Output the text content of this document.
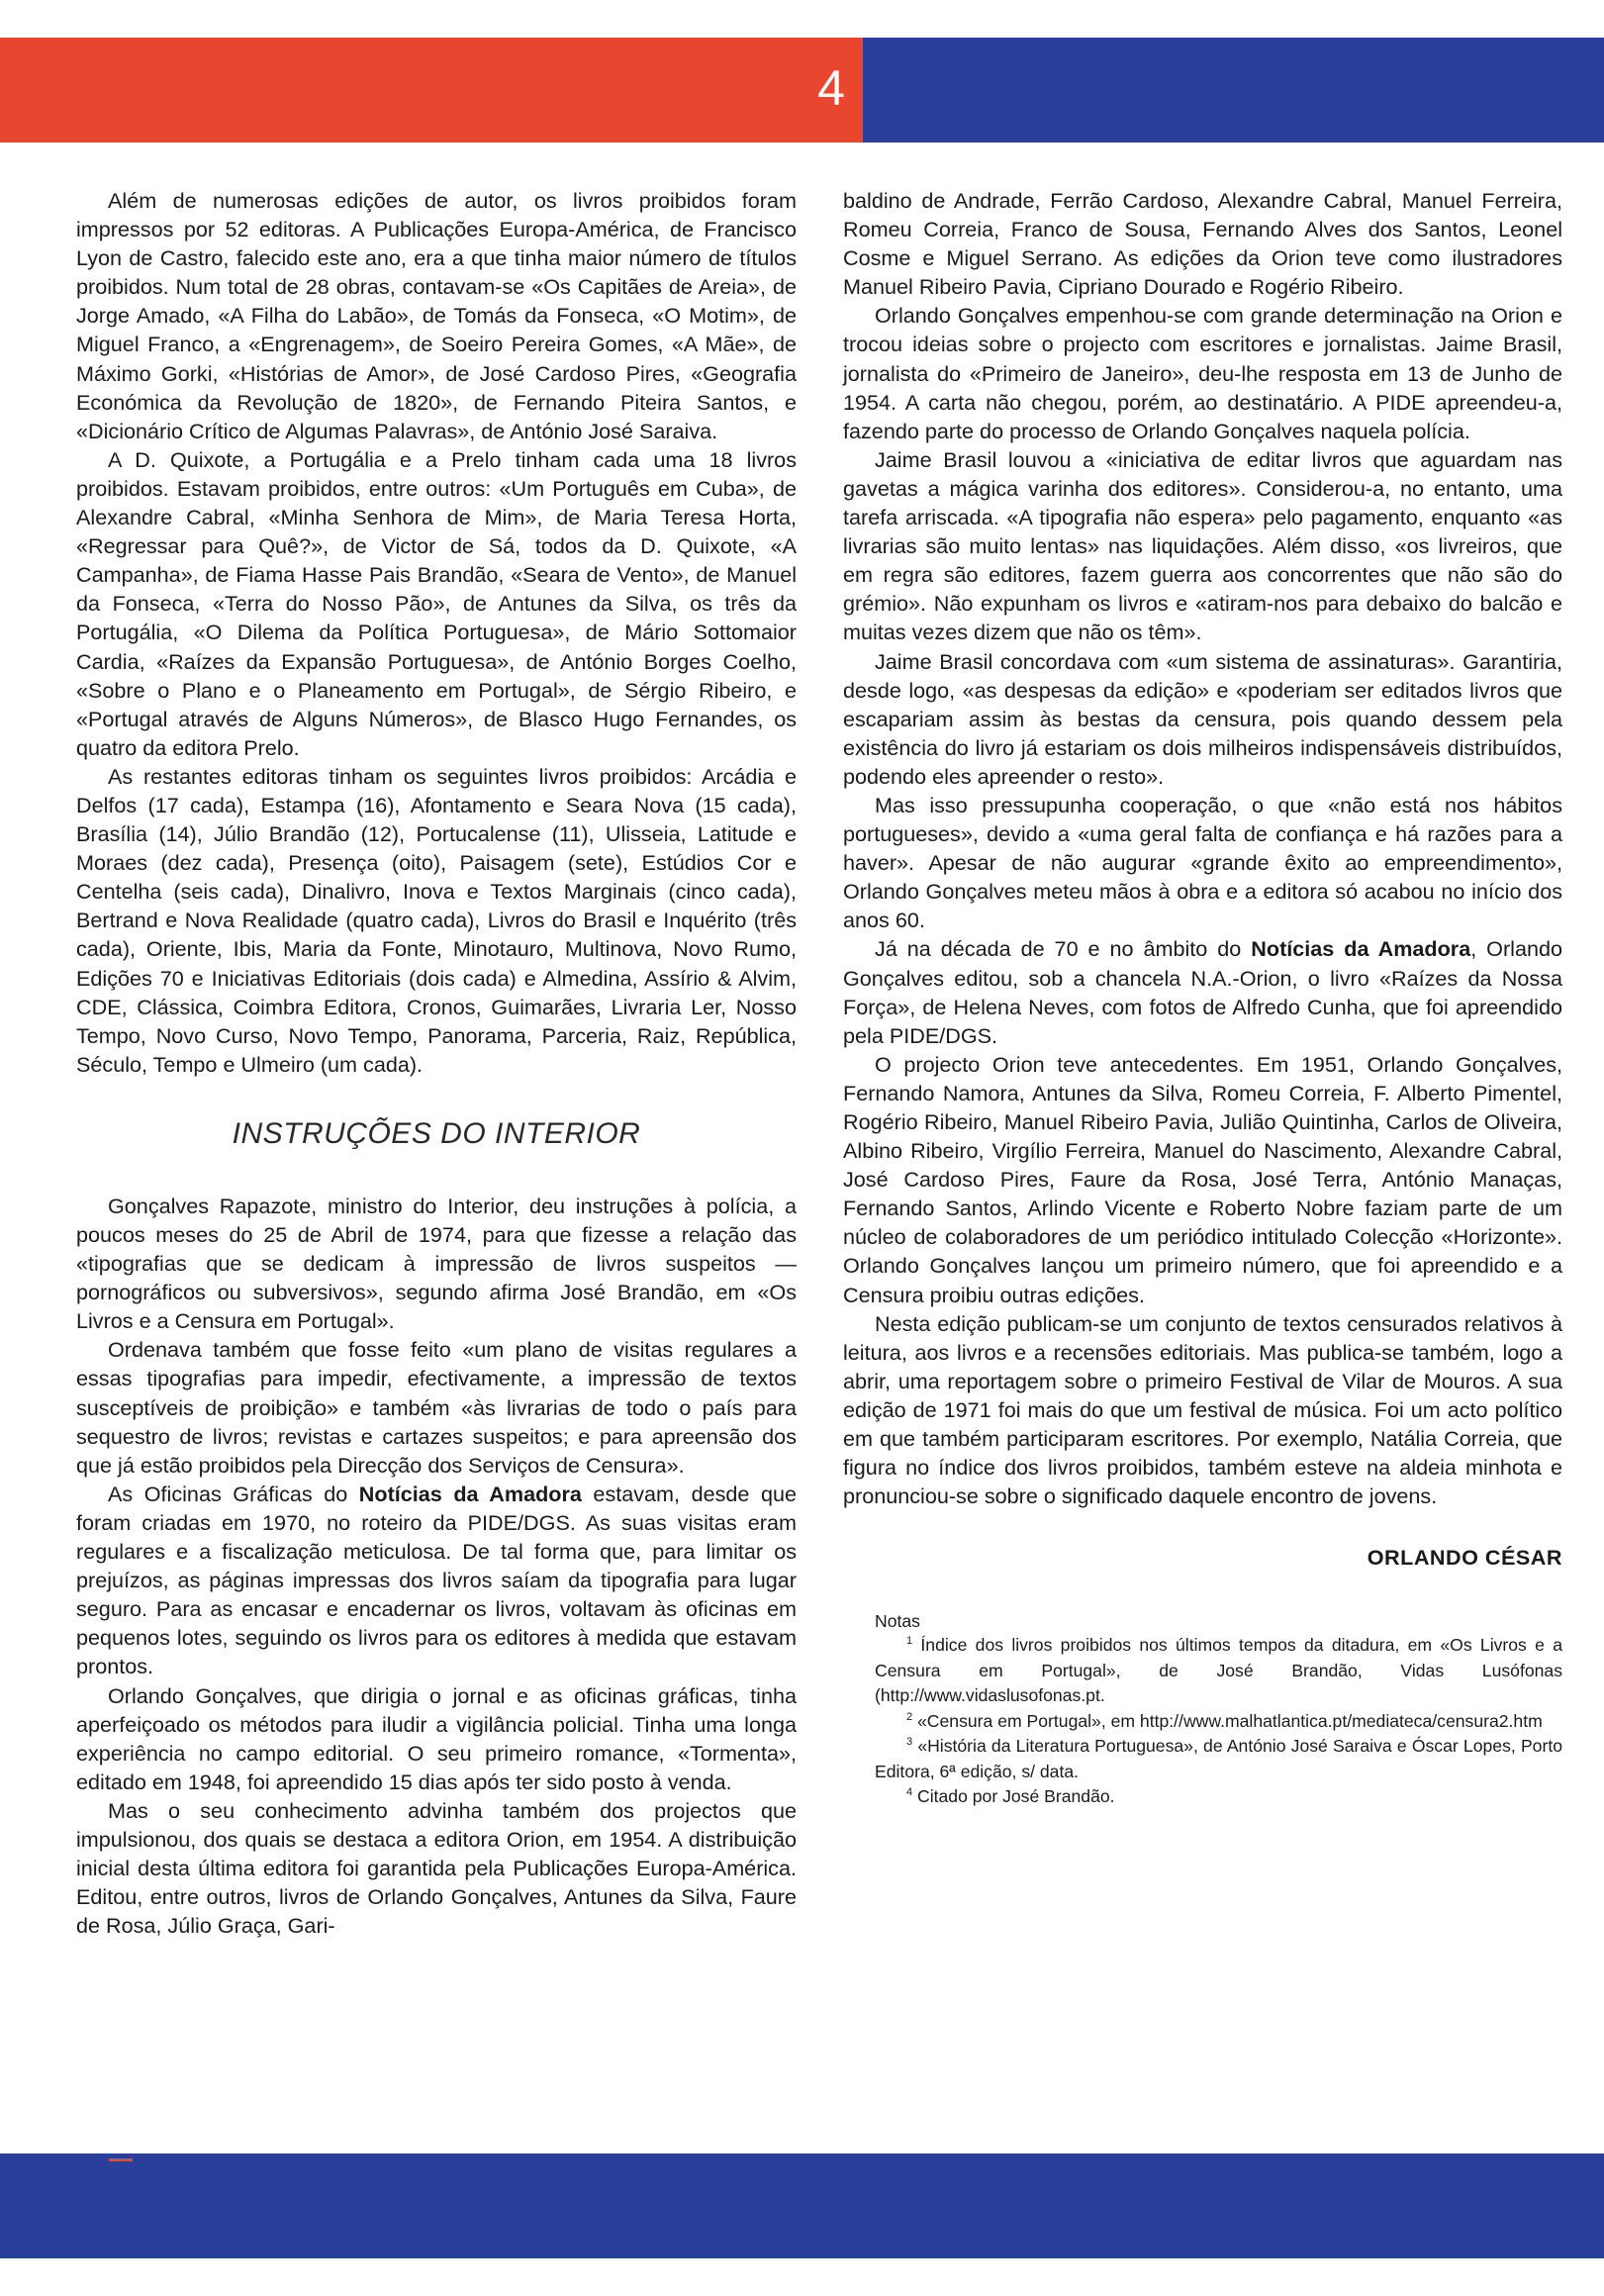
4

Além de numerosas edições de autor, os livros proibidos foram impressos por 52 editoras. A Publicações Europa-América, de Francisco Lyon de Castro, falecido este ano, era a que tinha maior número de títulos proibidos. Num total de 28 obras, contavam-se «Os Capitães de Areia», de Jorge Amado, «A Filha do Labão», de Tomás da Fonseca, «O Motim», de Miguel Franco, a «Engrenagem», de Soeiro Pereira Gomes, «A Mãe», de Máximo Gorki, «Histórias de Amor», de José Cardoso Pires, «Geografia Económica da Revolução de 1820», de Fernando Piteira Santos, e «Dicionário Crítico de Algumas Palavras», de António José Saraiva.

A D. Quixote, a Portugália e a Prelo tinham cada uma 18 livros proibidos. Estavam proibidos, entre outros: «Um Português em Cuba», de Alexandre Cabral, «Minha Senhora de Mim», de Maria Teresa Horta, «Regressar para Quê?», de Victor de Sá, todos da D. Quixote, «A Campanha», de Fiama Hasse Pais Brandão, «Seara de Vento», de Manuel da Fonseca, «Terra do Nosso Pão», de Antunes da Silva, os três da Portugália, «O Dilema da Política Portuguesa», de Mário Sottomaior Cardia, «Raízes da Expansão Portuguesa», de António Borges Coelho, «Sobre o Plano e o Planeamento em Portugal», de Sérgio Ribeiro, e «Portugal através de Alguns Números», de Blasco Hugo Fernandes, os quatro da editora Prelo.

As restantes editoras tinham os seguintes livros proibidos: Arcádia e Delfos (17 cada), Estampa (16), Afontamento e Seara Nova (15 cada), Brasília (14), Júlio Brandão (12), Portucalense (11), Ulisseia, Latitude e Moraes (dez cada), Presença (oito), Paisagem (sete), Estúdios Cor e Centelha (seis cada), Dinalivro, Inova e Textos Marginais (cinco cada), Bertrand e Nova Realidade (quatro cada), Livros do Brasil e Inquérito (três cada), Oriente, Ibis, Maria da Fonte, Minotauro, Multinova, Novo Rumo, Edições 70 e Iniciativas Editoriais (dois cada) e Almedina, Assírio & Alvim, CDE, Clássica, Coimbra Editora, Cronos, Guimarães, Livraria Ler, Nosso Tempo, Novo Curso, Novo Tempo, Panorama, Parceria, Raiz, República, Século, Tempo e Ulmeiro (um cada).

INSTRUÇÕES DO INTERIOR

Gonçalves Rapazote, ministro do Interior, deu instruções à polícia, a poucos meses do 25 de Abril de 1974, para que fizesse a relação das «tipografias que se dedicam à impressão de livros suspeitos — pornográficos ou subversivos», segundo afirma José Brandão, em «Os Livros e a Censura em Portugal».

Ordenava também que fosse feito «um plano de visitas regulares a essas tipografias para impedir, efectivamente, a impressão de textos susceptíveis de proibição» e também «às livrarias de todo o país para sequestro de livros; revistas e cartazes suspeitos; e para apreensão dos que já estão proibidos pela Direcção dos Serviços de Censura».

As Oficinas Gráficas do Notícias da Amadora estavam, desde que foram criadas em 1970, no roteiro da PIDE/DGS. As suas visitas eram regulares e a fiscalização meticulosa. De tal forma que, para limitar os prejuízos, as páginas impressas dos livros saíam da tipografia para lugar seguro. Para as encasar e encadernar os livros, voltavam às oficinas em pequenos lotes, seguindo os livros para os editores à medida que estavam prontos.

Orlando Gonçalves, que dirigia o jornal e as oficinas gráficas, tinha aperfeiçoado os métodos para iludir a vigilância policial. Tinha uma longa experiência no campo editorial. O seu primeiro romance, «Tormenta», editado em 1948, foi apreendido 15 dias após ter sido posto à venda.

Mas o seu conhecimento advinha também dos projectos que impulsionou, dos quais se destaca a editora Orion, em 1954. A distribuição inicial desta última editora foi garantida pela Publicações Europa-América. Editou, entre outros, livros de Orlando Gonçalves, Antunes da Silva, Faure de Rosa, Júlio Graça, Gari-

baldino de Andrade, Ferrão Cardoso, Alexandre Cabral, Manuel Ferreira, Romeu Correia, Franco de Sousa, Fernando Alves dos Santos, Leonel Cosme e Miguel Serrano. As edições da Orion teve como ilustradores Manuel Ribeiro Pavia, Cipriano Dourado e Rogério Ribeiro.

Orlando Gonçalves empenhou-se com grande determinação na Orion e trocou ideias sobre o projecto com escritores e jornalistas. Jaime Brasil, jornalista do «Primeiro de Janeiro», deu-lhe resposta em 13 de Junho de 1954. A carta não chegou, porém, ao destinatário. A PIDE apreendeu-a, fazendo parte do processo de Orlando Gonçalves naquela polícia.

Jaime Brasil louvou a «iniciativa de editar livros que aguardam nas gavetas a mágica varinha dos editores». Considerou-a, no entanto, uma tarefa arriscada. «A tipografia não espera» pelo pagamento, enquanto «as livrarias são muito lentas» nas liquidações. Além disso, «os livreiros, que em regra são editores, fazem guerra aos concorrentes que não são do grémio». Não expunham os livros e «atiram-nos para debaixo do balcão e muitas vezes dizem que não os têm».

Jaime Brasil concordava com «um sistema de assinaturas». Garantiria, desde logo, «as despesas da edição» e «poderiam ser editados livros que escapariam assim às bestas da censura, pois quando dessem pela existência do livro já estariam os dois milheiros indispensáveis distribuídos, podendo eles apreender o resto».

Mas isso pressupunha cooperação, o que «não está nos hábitos portugueses», devido a «uma geral falta de confiança e há razões para a haver». Apesar de não augurar «grande êxito ao empreendimento», Orlando Gonçalves meteu mãos à obra e a editora só acabou no início dos anos 60.

Já na década de 70 e no âmbito do Notícias da Amadora, Orlando Gonçalves editou, sob a chancela N.A.-Orion, o livro «Raízes da Nossa Força», de Helena Neves, com fotos de Alfredo Cunha, que foi apreendido pela PIDE/DGS.

O projecto Orion teve antecedentes. Em 1951, Orlando Gonçalves, Fernando Namora, Antunes da Silva, Romeu Correia, F. Alberto Pimentel, Rogério Ribeiro, Manuel Ribeiro Pavia, Julião Quintinha, Carlos de Oliveira, Albino Ribeiro, Virgílio Ferreira, Manuel do Nascimento, Alexandre Cabral, José Cardoso Pires, Faure da Rosa, José Terra, António Manaças, Fernando Santos, Arlindo Vicente e Roberto Nobre faziam parte de um núcleo de colaboradores de um periódico intitulado Colecção «Horizonte». Orlando Gonçalves lançou um primeiro número, que foi apreendido e a Censura proibiu outras edições.

Nesta edição publicam-se um conjunto de textos censurados relativos à leitura, aos livros e a recensões editoriais. Mas publica-se também, logo a abrir, uma reportagem sobre o primeiro Festival de Vilar de Mouros. A sua edição de 1971 foi mais do que um festival de música. Foi um acto político em que também participaram escritores. Por exemplo, Natália Correia, que figura no índice dos livros proibidos, também esteve na aldeia minhota e pronunciou-se sobre o significado daquele encontro de jovens.

ORLANDO CÉSAR
Notas

$^1$ Índice dos livros proibidos nos últimos tempos da ditadura, em «Os Livros e a Censura em Portugal», de José Brandão, Vidas Lusófonas (http://www.vidaslusofonas.pt.

$^2$ «Censura em Portugal», em http://www.malhatlantica.pt/mediateca/censura2.htm

$^3$ «História da Literatura Portuguesa», de António José Saraiva e Óscar Lopes, Porto Editora, 6ª edição, s/ data.

$^4$ Citado por José Brandão.
